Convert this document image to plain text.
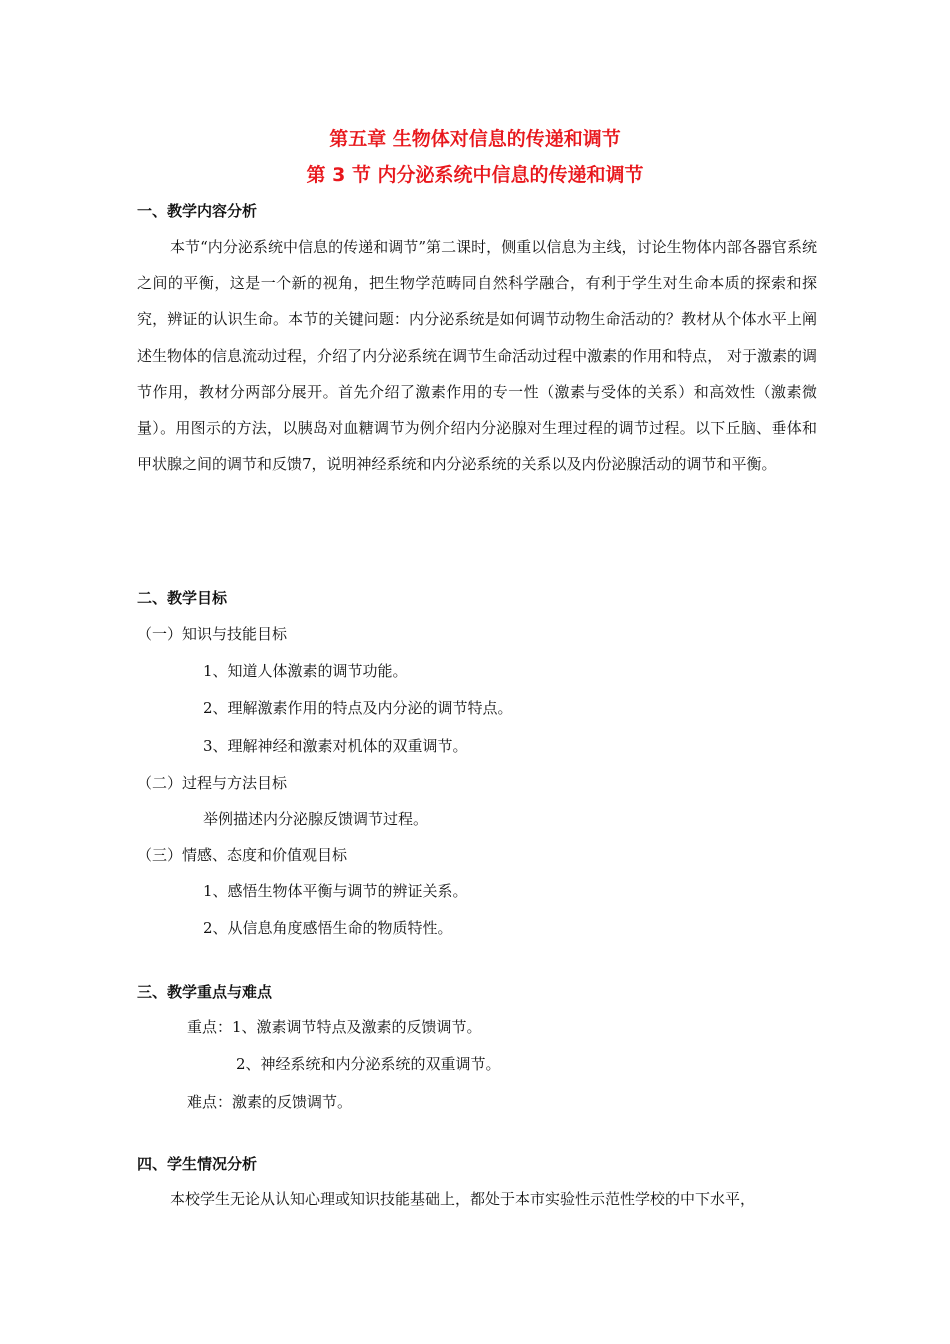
第五章 生物体对信息的传递和调节
第 3 节 内分泌系统中信息的传递和调节
一、教学内容分析

本节“内分泌系统中信息的传递和调节”第二课时，侧重以信息为主线，讨论生物体内部各器官系统之间的平衡，这是一个新的视角，把生物学范畴同自然科学融合，有利于学生对生命本质的探索和探究，辨证的认识生命。本节的关键问题：内分泌系统是如何调节动物生命活动的？教材从个体水平上阐述生物体的信息流动过程，介绍了内分泌系统在调节生命活动过程中激素的作用和特点， 对于激素的调节作用，教材分两部分展开。首先介绍了激素作用的专一性（激素与受体的关系）和高效性（激素微量）。用图示的方法，以胰岛对血糖调节为例介绍内分泌腺对生理过程的调节过程。以下丘脑、垂体和甲状腺之间的调节和反馈7，说明神经系统和内分泌系统的关系以及内份泌腺活动的调节和平衡。

二、教学目标
（一）知识与技能目标
1、知道人体激素的调节功能。
2、理解激素作用的特点及内分泌的调节特点。
3、理解神经和激素对机体的双重调节。
（二）过程与方法目标
举例描述内分泌腺反馈调节过程。
（三）情感、态度和价值观目标
1、感悟生物体平衡与调节的辨证关系。
2、从信息角度感悟生命的物质特性。
三、教学重点与难点
重点：1、激素调节特点及激素的反馈调节。
2、神经系统和内分泌系统的双重调节。
难点：激素的反馈调节。
四、学生情况分析

本校学生无论从认知心理或知识技能基础上，都处于本市实验性示范性学校的中下水平，
